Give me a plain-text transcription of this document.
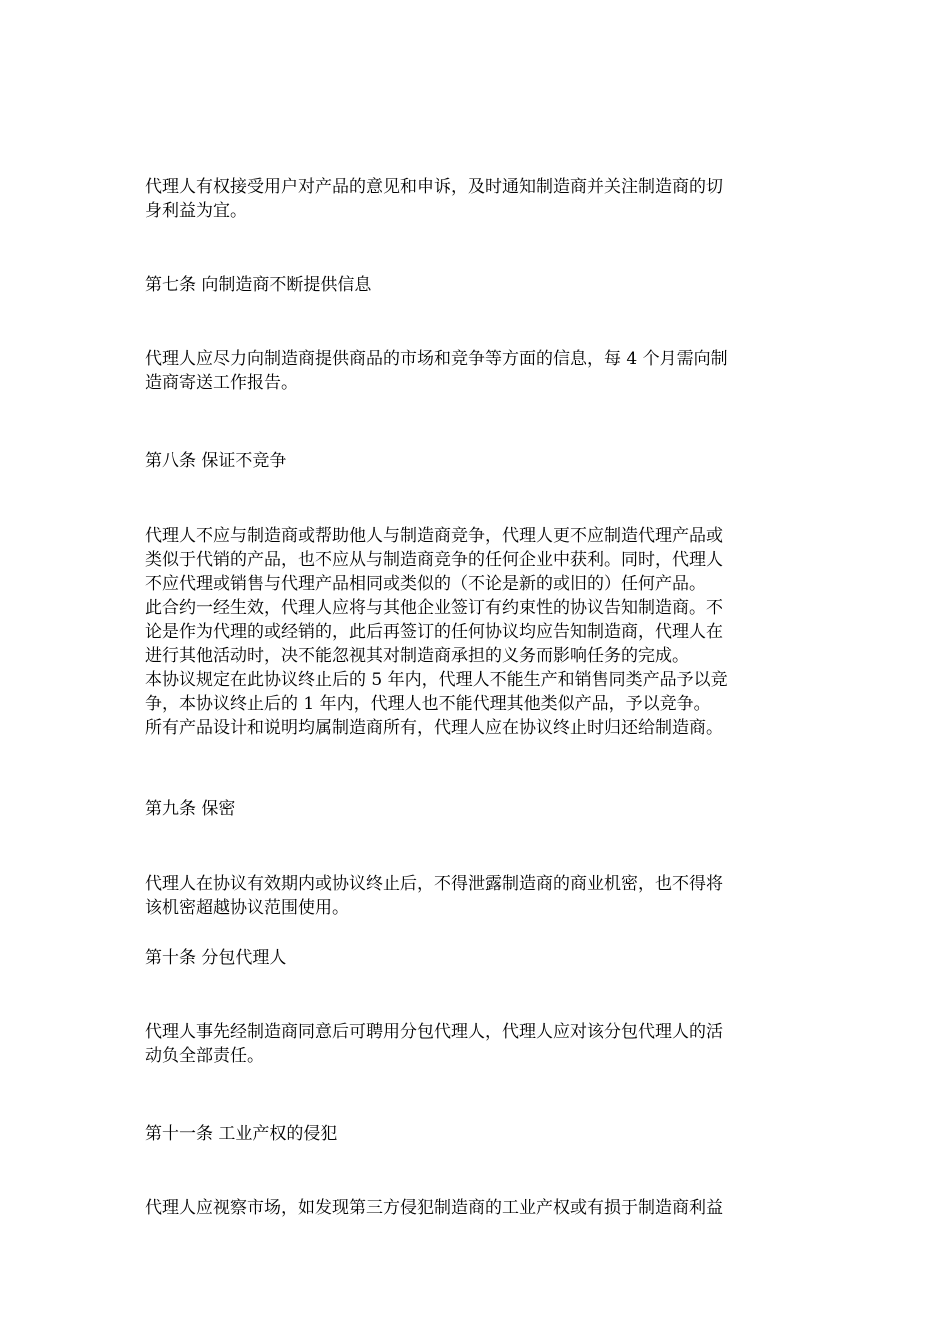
代理人有权接受用户对产品的意见和申诉，及时通知制造商并关注制造商的切
身利益为宜。
第七条 向制造商不断提供信息
代理人应尽力向制造商提供商品的市场和竞争等方面的信息，每 4 个月需向制
造商寄送工作报告。
第八条 保证不竞争
代理人不应与制造商或帮助他人与制造商竞争，代理人更不应制造代理产品或
类似于代销的产品，也不应从与制造商竞争的任何企业中获利。同时，代理人
不应代理或销售与代理产品相同或类似的（不论是新的或旧的）任何产品。
此合约一经生效，代理人应将与其他企业签订有约束性的协议告知制造商。不
论是作为代理的或经销的，此后再签订的任何协议均应告知制造商，代理人在
进行其他活动时，决不能忽视其对制造商承担的义务而影响任务的完成。
本协议规定在此协议终止后的 5 年内，代理人不能生产和销售同类产品予以竞
争，本协议终止后的 1 年内，代理人也不能代理其他类似产品，予以竞争。
所有产品设计和说明均属制造商所有，代理人应在协议终止时归还给制造商。
第九条 保密
代理人在协议有效期内或协议终止后，不得泄露制造商的商业机密，也不得将
该机密超越协议范围使用。
第十条 分包代理人
代理人事先经制造商同意后可聘用分包代理人，代理人应对该分包代理人的活
动负全部责任。
第十一条 工业产权的侵犯
代理人应视察市场，如发现第三方侵犯制造商的工业产权或有损于制造商利益
